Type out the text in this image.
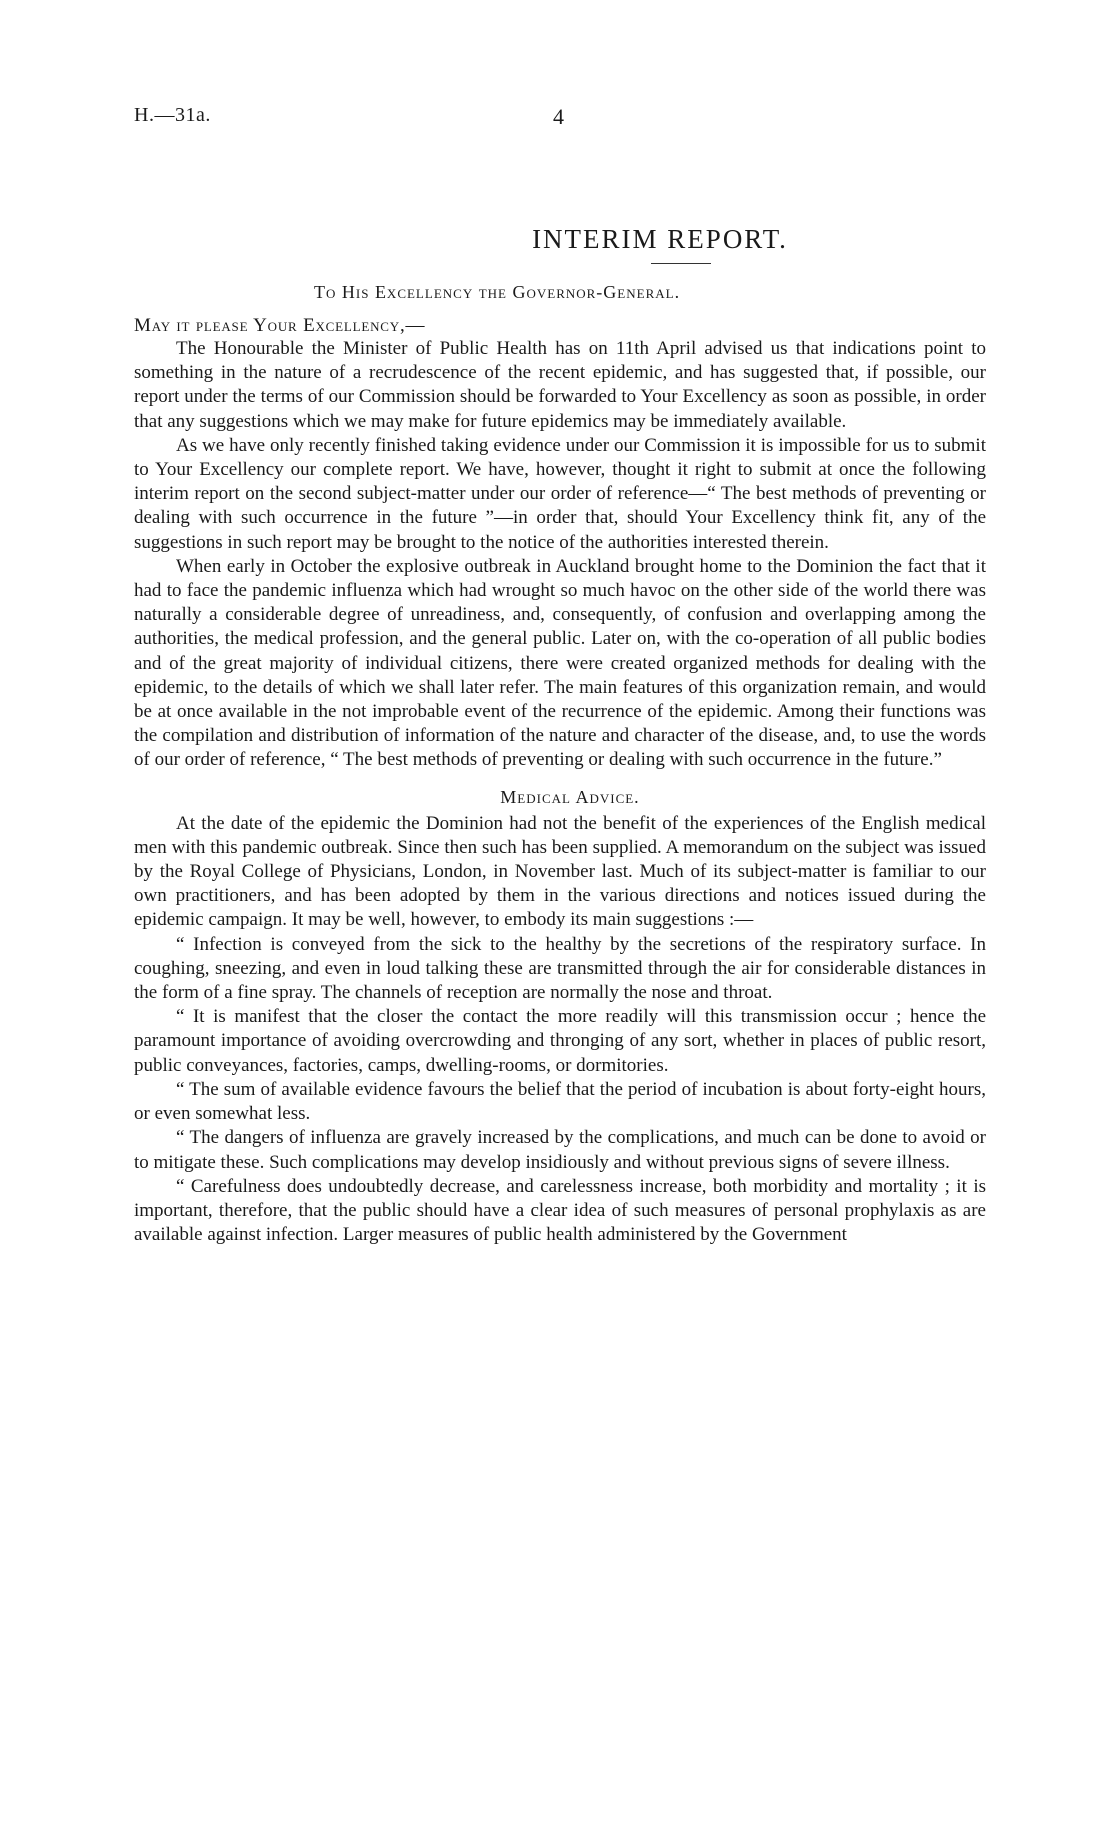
H.—31a.	4
INTERIM REPORT.
To His Excellency the Governor-General.
May it please Your Excellency,—

The Honourable the Minister of Public Health has on 11th April advised us that indications point to something in the nature of a recrudescence of the recent epidemic, and has suggested that, if possible, our report under the terms of our Commission should be forwarded to Your Excellency as soon as possible, in order that any suggestions which we may make for future epidemics may be immediately available.

As we have only recently finished taking evidence under our Commission it is impossible for us to submit to Your Excellency our complete report. We have, however, thought it right to submit at once the following interim report on the second subject-matter under our order of reference—“ The best methods of preventing or dealing with such occurrence in the future ”—in order that, should Your Excellency think fit, any of the suggestions in such report may be brought to the notice of the authorities interested therein.

When early in October the explosive outbreak in Auckland brought home to the Dominion the fact that it had to face the pandemic influenza which had wrought so much havoc on the other side of the world there was naturally a considerable degree of unreadiness, and, consequently, of confusion and overlapping among the authorities, the medical profession, and the general public. Later on, with the co-operation of all public bodies and of the great majority of individual citizens, there were created organized methods for dealing with the epidemic, to the details of which we shall later refer. The main features of this organization remain, and would be at once available in the not improbable event of the recurrence of the epidemic. Among their functions was the compilation and distribution of information of the nature and character of the disease, and, to use the words of our order of reference, “ The best methods of preventing or dealing with such occurrence in the future.”

Medical Advice.

At the date of the epidemic the Dominion had not the benefit of the experiences of the English medical men with this pandemic outbreak. Since then such has been supplied. A memorandum on the subject was issued by the Royal College of Physicians, London, in November last. Much of its subject-matter is familiar to our own practitioners, and has been adopted by them in the various directions and notices issued during the epidemic campaign. It may be well, however, to embody its main suggestions :—

“ Infection is conveyed from the sick to the healthy by the secretions of the respiratory surface. In coughing, sneezing, and even in loud talking these are transmitted through the air for considerable distances in the form of a fine spray. The channels of reception are normally the nose and throat.

“ It is manifest that the closer the contact the more readily will this transmission occur ; hence the paramount importance of avoiding overcrowding and thronging of any sort, whether in places of public resort, public conveyances, factories, camps, dwelling-rooms, or dormitories.

“ The sum of available evidence favours the belief that the period of incubation is about forty-eight hours, or even somewhat less.

“ The dangers of influenza are gravely increased by the complications, and much can be done to avoid or to mitigate these. Such complications may develop insidiously and without previous signs of severe illness.

“ Carefulness does undoubtedly decrease, and carelessness increase, both morbidity and mortality ; it is important, therefore, that the public should have a clear idea of such measures of personal prophylaxis as are available against infection. Larger measures of public health administered by the Government
